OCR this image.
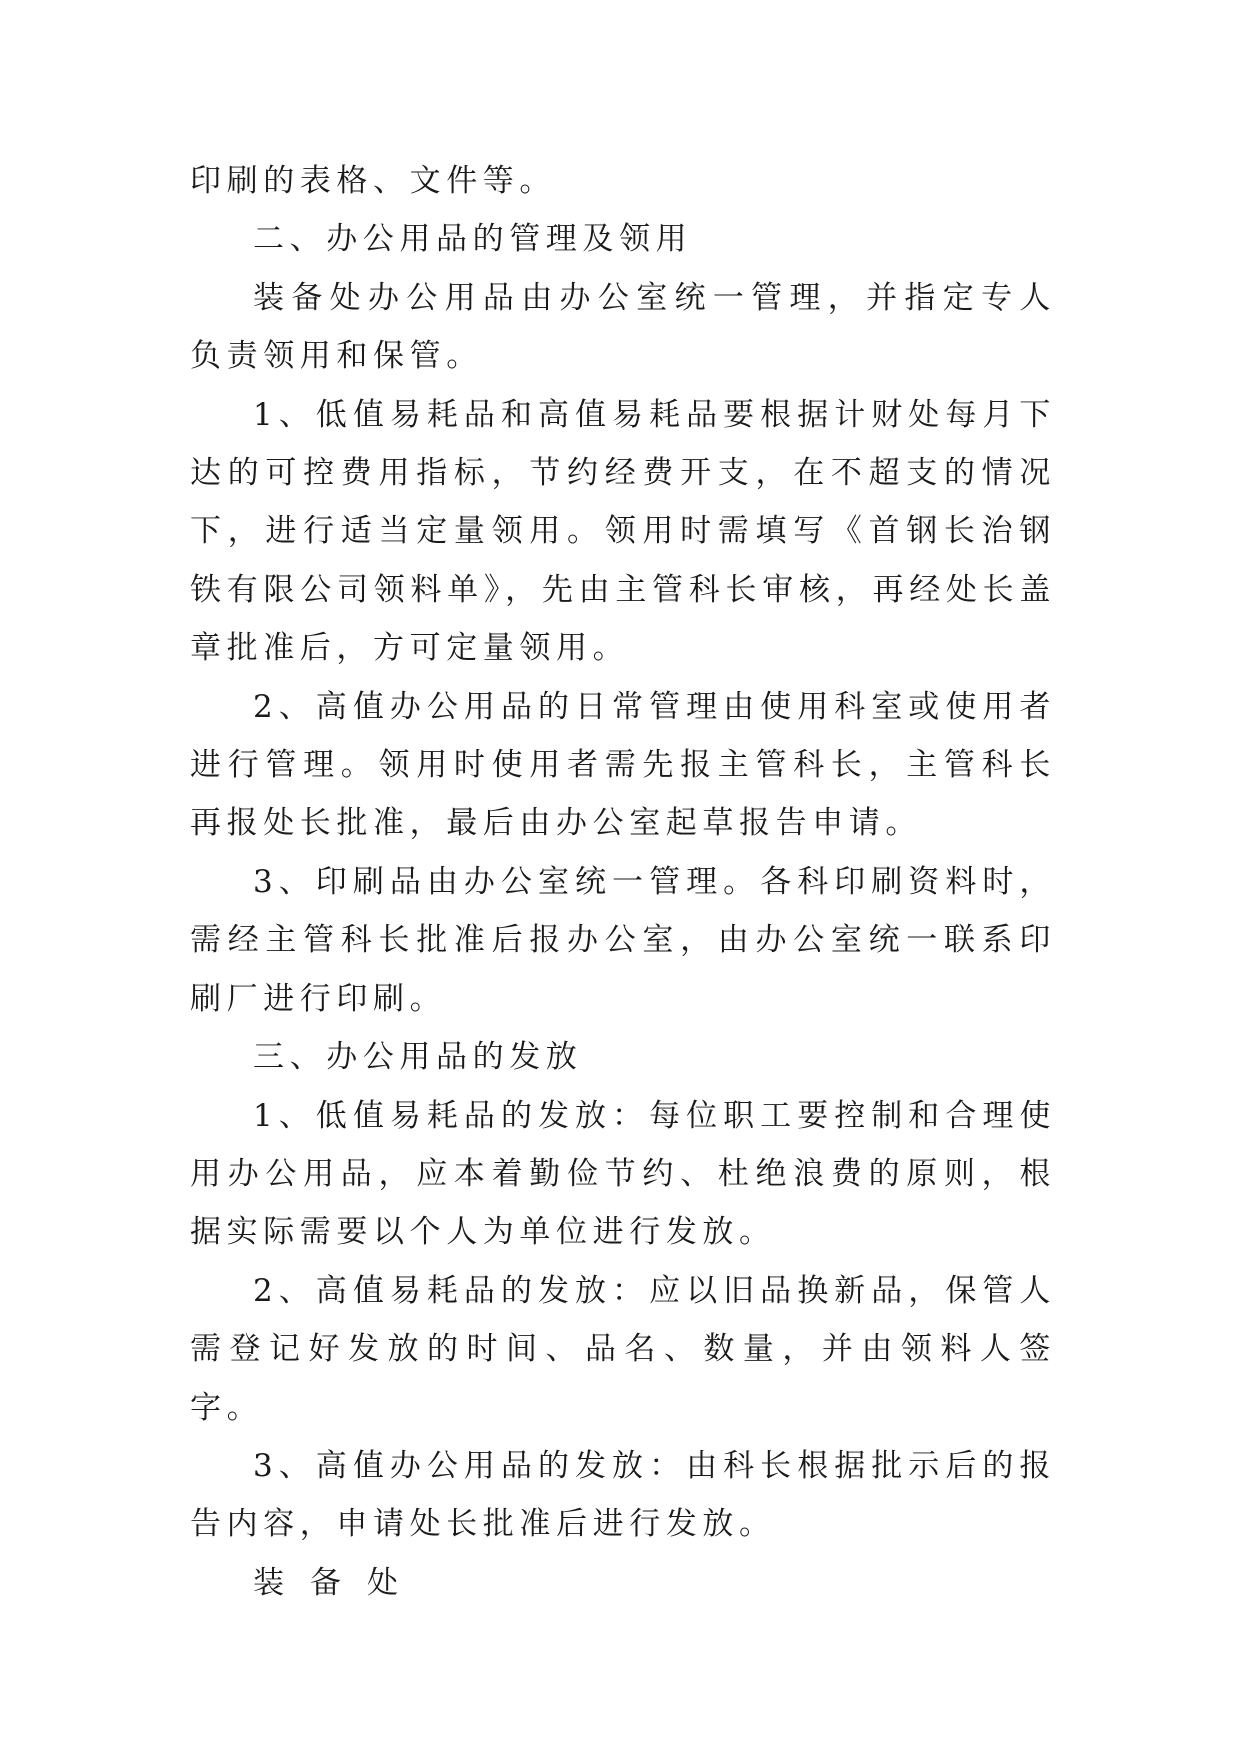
印刷的表格、文件等。

二、办公用品的管理及领用

装备处办公用品由办公室统一管理，并指定专人负责领用和保管。

1、低值易耗品和高值易耗品要根据计财处每月下达的可控费用指标，节约经费开支，在不超支的情况下，进行适当定量领用。领用时需填写《首钢长治钢铁有限公司领料单》，先由主管科长审核，再经处长盖章批准后，方可定量领用。

2、高值办公用品的日常管理由使用科室或使用者进行管理。领用时使用者需先报主管科长，主管科长再报处长批准，最后由办公室起草报告申请。

3、印刷品由办公室统一管理。各科印刷资料时，需经主管科长批准后报办公室，由办公室统一联系印刷厂进行印刷。

三、办公用品的发放

1、低值易耗品的发放：每位职工要控制和合理使用办公用品，应本着勤俭节约、杜绝浪费的原则，根据实际需要以个人为单位进行发放。

2、高值易耗品的发放：应以旧品换新品，保管人需登记好发放的时间、品名、数量，并由领料人签字。

3、高值办公用品的发放：由科长根据批示后的报告内容，申请处长批准后进行发放。

装备处
